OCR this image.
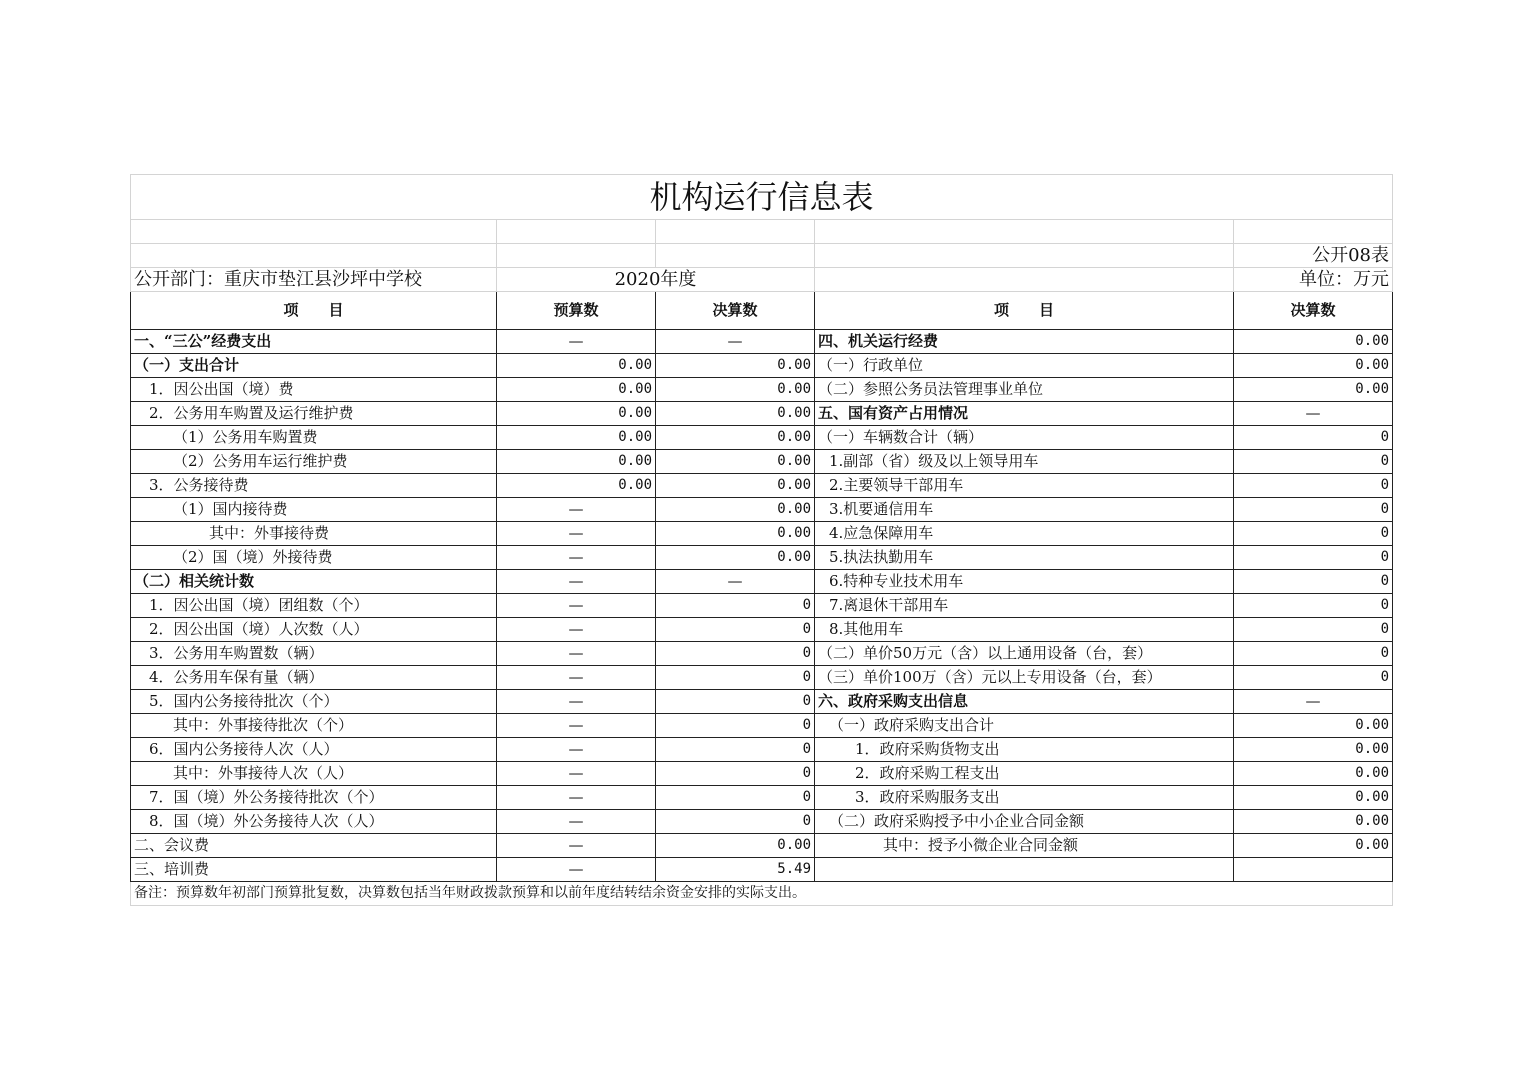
机构运行信息表				

				公开08表
公开部门：重庆市垫江县沙坪中学校	2020年度			单位：万元
项　　目	预算数	决算数	项　　目	决算数
一、“三公”经费支出	—	—	四、机关运行经费	0.00
（一）支出合计	0.00	0.00	（一）行政单位	0.00
1．因公出国（境）费	0.00	0.00	（二）参照公务员法管理事业单位	0.00
2．公务用车购置及运行维护费	0.00	0.00	五、国有资产占用情况	—
（1）公务用车购置费	0.00	0.00	（一）车辆数合计（辆）	0
（2）公务用车运行维护费	0.00	0.00	1.副部（省）级及以上领导用车	0
3．公务接待费	0.00	0.00	2.主要领导干部用车	0
（1）国内接待费	—	0.00	3.机要通信用车	0
其中：外事接待费	—	0.00	4.应急保障用车	0
（2）国（境）外接待费	—	0.00	5.执法执勤用车	0
（二）相关统计数	—	—	6.特种专业技术用车	0
1．因公出国（境）团组数（个）	—	0	7.离退休干部用车	0
2．因公出国（境）人次数（人）	—	0	8.其他用车	0
3．公务用车购置数（辆）	—	0	（二）单价50万元（含）以上通用设备（台，套）	0
4．公务用车保有量（辆）	—	0	（三）单价100万（含）元以上专用设备（台，套）	0
5．国内公务接待批次（个）	—	0	六、政府采购支出信息	—
其中：外事接待批次（个）	—	0	（一）政府采购支出合计	0.00
6．国内公务接待人次（人）	—	0	1．政府采购货物支出	0.00
其中：外事接待人次（人）	—	0	2．政府采购工程支出	0.00
7．国（境）外公务接待批次（个）	—	0	3．政府采购服务支出	0.00
8．国（境）外公务接待人次（人）	—	0	（二）政府采购授予中小企业合同金额	0.00
二、会议费	—	0.00	其中：授予小微企业合同金额	0.00
三、培训费	—	5.49		
备注：预算数年初部门预算批复数，决算数包括当年财政拨款预算和以前年度结转结余资金安排的实际支出。				
